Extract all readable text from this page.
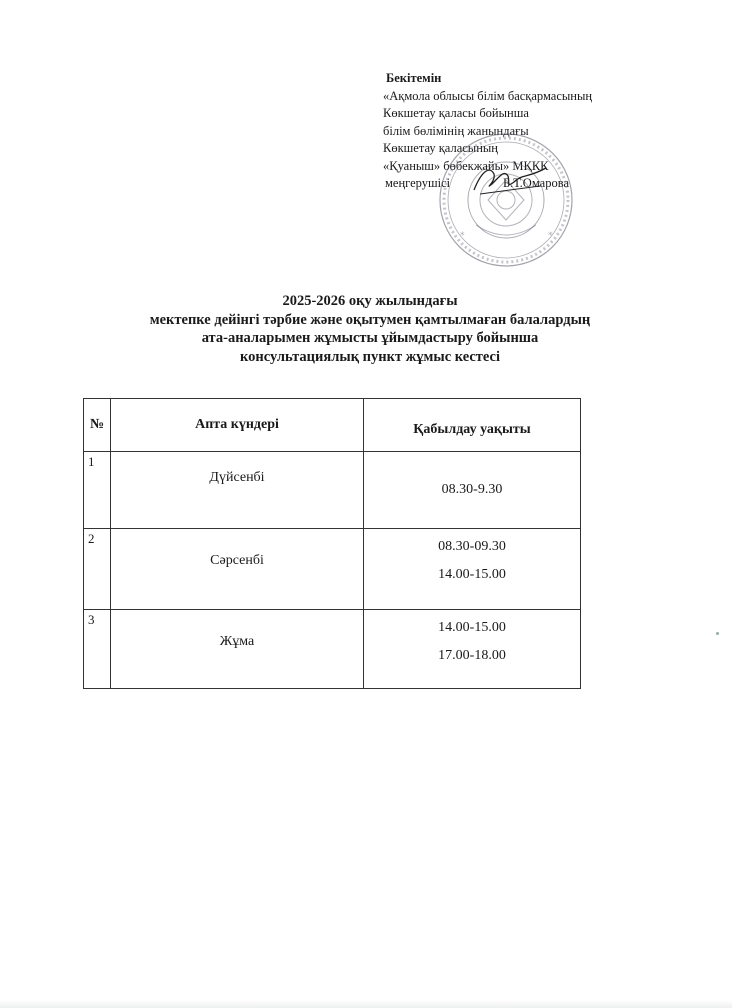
Бекітемін
«Ақмола облысы білім басқармасының
Көкшетау қаласы бойынша
білім бөлімінің жанындағы
Көкшетау қаласының
«Қуаныш» бөбекжайы» МҚКК
меңгерушісі	Б.Т.Омарова
*
*
2025-2026 оқу жылындағы
мектепке дейінгі тәрбие және оқытумен қамтылмаған балалардың
ата-аналарымен жұмысты ұйымдастыру бойынша
консультациялық пункт жұмыс кестесі
№	Апта күндері	Қабылдау уақыты
1	Дүйсенбі	08.30-9.30

2	Сәрсенбі	08.30-09.30
14.00-15.00

3	Жұма	14.00-15.00
17.00-18.00
